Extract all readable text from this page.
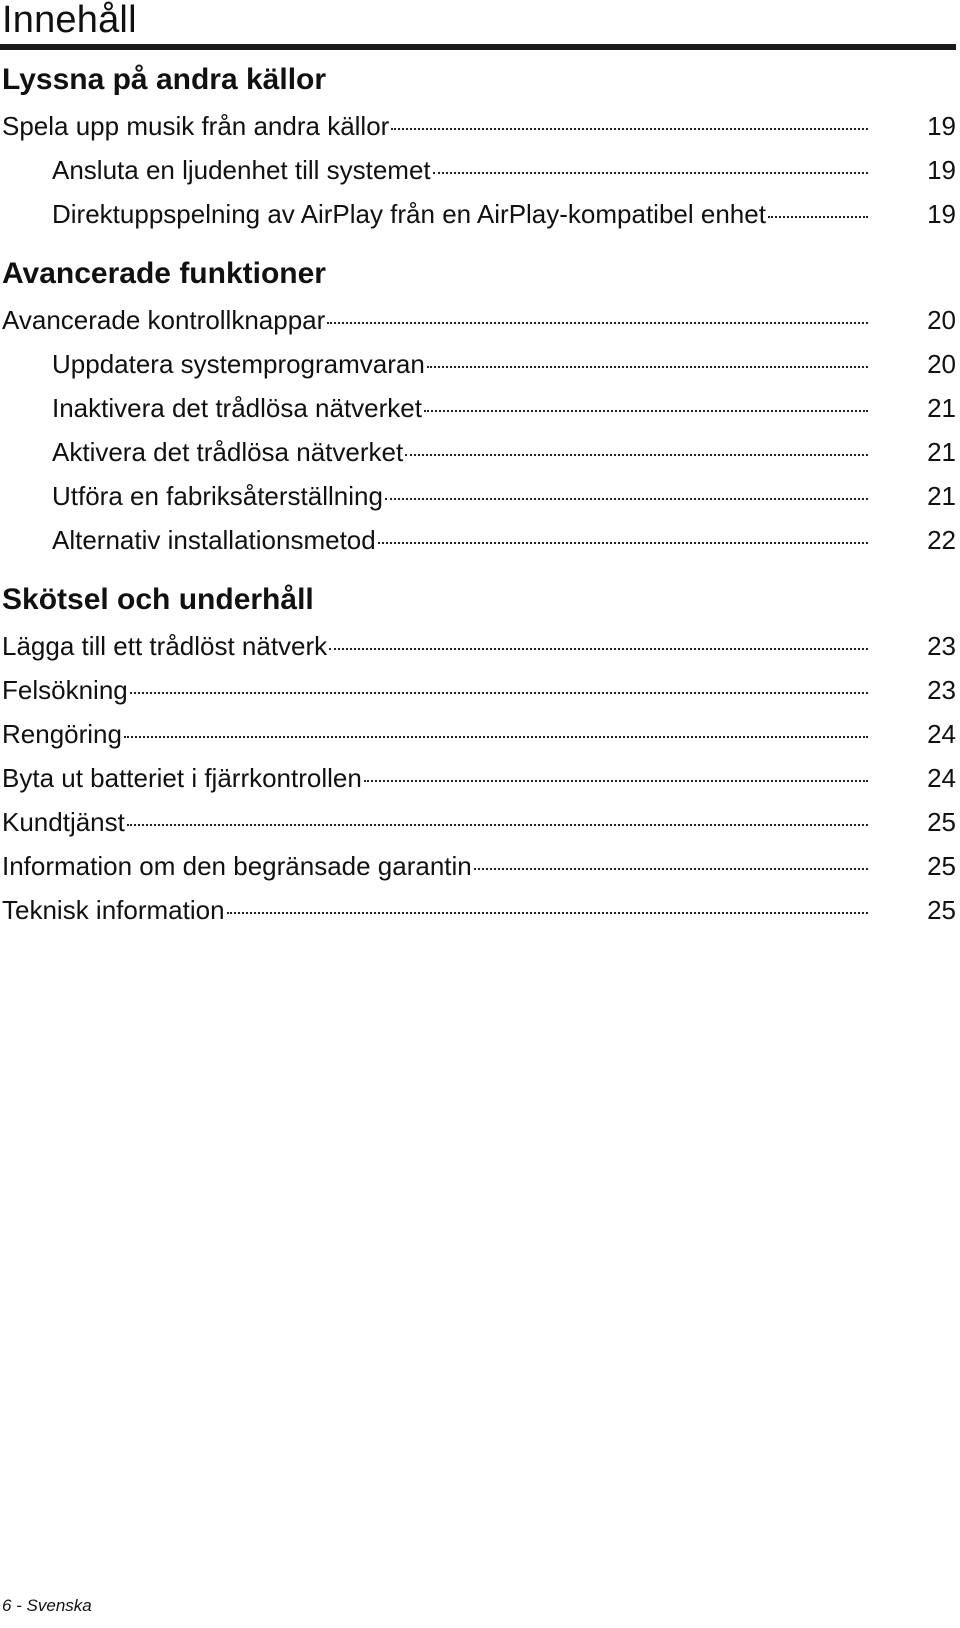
Innehåll
Lyssna på andra källor
Spela upp musik från andra källor	19
Ansluta en ljudenhet till systemet	19
Direktuppspelning av AirPlay från en AirPlay-kompatibel enhet	19
Avancerade funktioner
Avancerade kontrollknappar	20
Uppdatera systemprogramvaran	20
Inaktivera det trådlösa nätverket	21
Aktivera det trådlösa nätverket	21
Utföra en fabriksåterställning	21
Alternativ installationsmetod	22
Skötsel och underhåll
Lägga till ett trådlöst nätverk	23
Felsökning	23
Rengöring	24
Byta ut batteriet i fjärrkontrollen	24
Kundtjänst	25
Information om den begränsade garantin	25
Teknisk information	25
6 - Svenska
